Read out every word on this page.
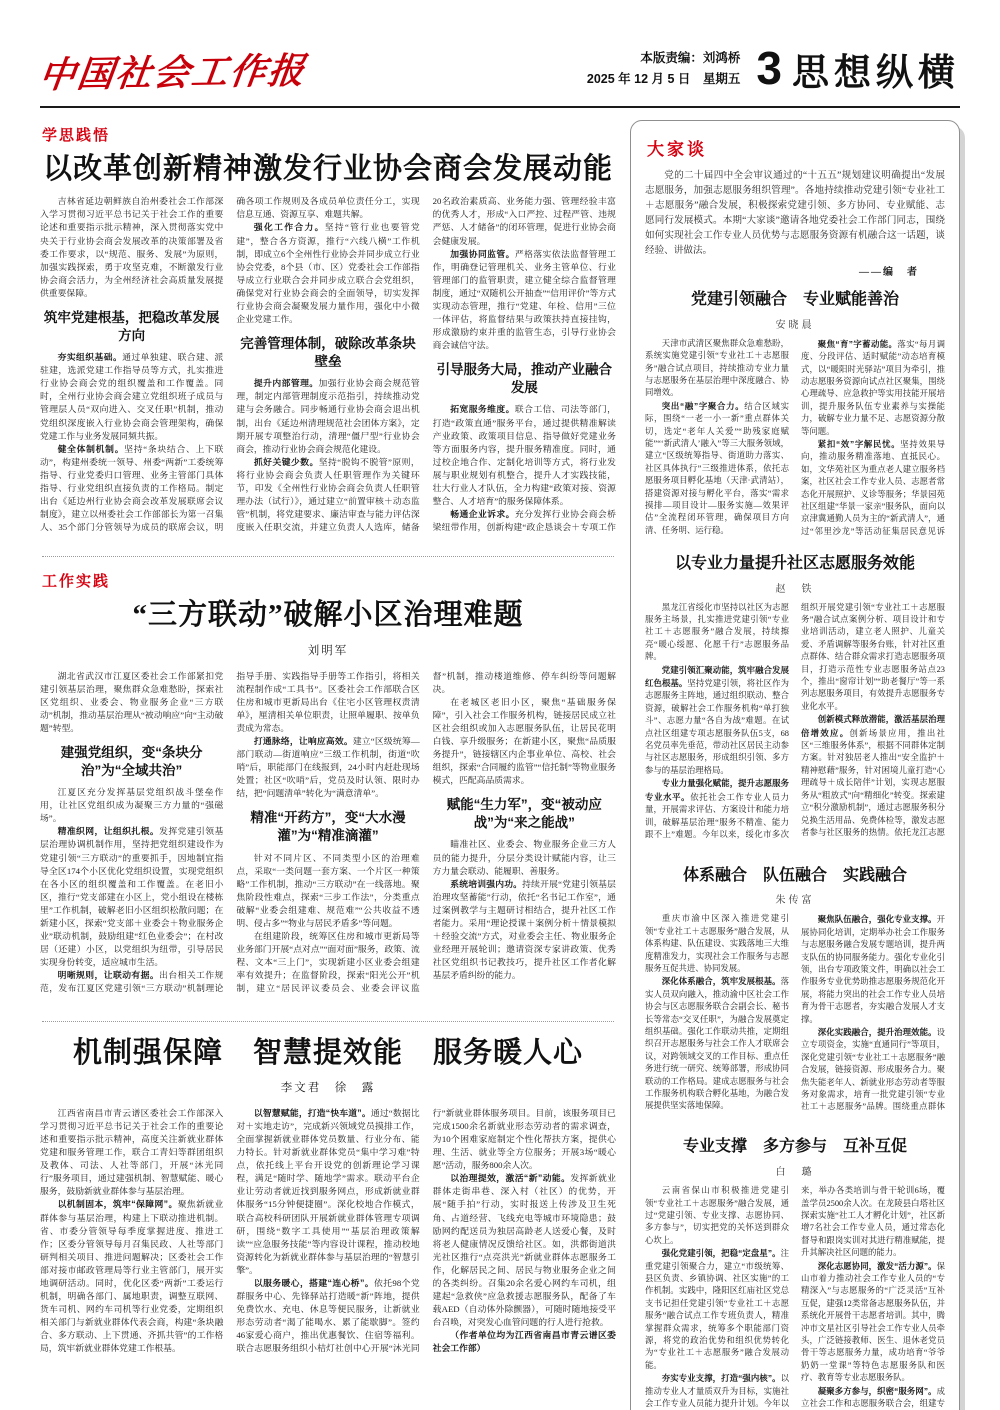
中国社会工作报	本版责编：刘鸿桥
2025 年 12 月 5 日　星期五 3 思想纵横
学思践悟
以改革创新精神激发行业协会商会发展动能

吉林省延边朝鲜族自治州委社会工作部深入学习贯彻习近平总书记关于社会工作的重要论述和重要指示批示精神，深入贯彻落实党中央关于行业协会商会发展改革的决策部署及省委工作要求，以“规范、服务、发展”为原则，加强实践探索，勇于攻坚克难，不断激发行业协会商会活力，为全州经济社会高质量发展提供重要保障。

筑牢党建根基，把稳改革发展方向

夯实组织基础。通过单独建、联合建、派驻建，选派党建工作指导员等方式，扎实推进行业协会商会党的组织覆盖和工作覆盖。同时，全州行业协会商会建立党组织班子成员与管理层人员“双向进入、交叉任职”机制，推动党组织深度嵌入行业协会商会管理架构，确保党建工作与业务发展同频共振。

健全体制机制。坚持“条块结合、上下联动”，构建州委统一领导、州委“两新”工委统筹指导、行业党委归口管理、业务主管部门具体指导、行业党组织直接负责的工作格局。制定出台《延边州行业协会商会改革发展联席会议制度》，建立以州委社会工作部部长为第一召集人、35个部门分管领导为成员的联席会议，明确各项工作规则及各成员单位责任分工，实现信息互通、资源互享、难题共解。

强化工作合力。坚持“管行业也要管党建”，整合各方资源，推行“六线八横”工作机制，即成立6个全州性行业协会并同步成立行业协会党委，8个县（市、区）党委社会工作部指导成立行业联合会并同步成立联合会党组织，确保党对行业协会商会的全面领导，切实发挥行业协会商会凝聚发展力量作用，强化中小微企业党建工作。

完善管理体制，破除改革条块壁垒

提升内部管理。加强行业协会商会规范管理，制定内部管理制度示范指引，持续推动党建与会务融合。同步畅通行业协会商会退出机制，出台《延边州清理规范社会团体方案》，定期开展专项整治行动，清理“僵尸型”行业协会商会，推动行业协会商会规范化建设。

抓好关键少数。坚持“脱钩不脱管”原则，将行业协会商会负责人任职管理作为关键环节，印发《全州性行业协会商会负责人任职管理办法（试行）》，通过建立“前置审核＋动态监管”机制，将党建要求、廉洁审查与能力评估深度嵌入任职交流，并建立负责人人选库，储备20名政治素质高、业务能力强、管理经验丰富的优秀人才，形成“入口严控、过程严管、违规严惩、人才储备”的闭环管理，促进行业协会商会健康发展。

加强协同监管。严格落实依法监督管理工作，明确登记管理机关、业务主管单位、行业管理部门的监管职责，建立健全综合监督管理制度，通过“双随机公开抽查”“信用评价”等方式实现动态管理，推行“党建、年检、信用”三位一体评估，将监督结果与政策扶持直接挂钩，形成激励约束并重的监管生态，引导行业协会商会诚信守法。

引导服务大局，推动产业融合发展

拓宽服务维度。联合工信、司法等部门，打造“政策直通”服务平台，通过提供精准解读产业政策、政策项目信息、指导做好党建业务等方面服务内容，提升服务精准度。同时，通过校企地合作、定制化培训等方式，将行业发展与职业规划有机整合，提升人才实践技能，壮大行业人才队伍，全力构建“政策对接、资源整合、人才培育”的服务保障体系。

畅通企业诉求。充分发挥行业协会商会桥梁纽带作用，创新构建“政企恳谈会＋专项工作

工作实践
“三方联动”破解小区治理难题
刘明军

湖北省武汉市江夏区委社会工作部紧扣党建引领基层治理，聚焦群众急难愁盼，探索社区党组织、业委会、物业服务企业“三方联动”机制，推动基层治理从“被动响应”向“主动破题”转型。

建强党组织，变“条块分治”为“全域共治”

江夏区充分发挥基层党组织战斗堡垒作用，让社区党组织成为凝聚三方力量的“强磁场”。

精准织网，让组织扎根。发挥党建引领基层治理协调机制作用，坚持把党组织建设作为党建引领“三方联动”的重要抓手，因地制宜指导全区174个小区优化党组织设置，实现党组织在各小区的组织覆盖和工作覆盖。在老旧小区，推行“党支部建在小区上，党小组设在楼栋里”工作机制，破解老旧小区组织松散问题；在新建小区，探索“党支部＋业委会＋物业服务企业”联动机制，鼓励组建“红色业委会”；在村改居（还建）小区，以党组织为纽带，引导居民实现身份转变，适应城市生活。

明晰规则，让联动有据。出台相关工作规范，发布江夏区党建引领“三方联动”机制理论指导手册、实践指导手册等工作指引，将相关流程制作成“工具书”。区委社会工作部联合区住房和城市更新局出台《住宅小区管理权责清单》，厘清相关单位职责，让照单履职、按单负责成为常态。

打通脉络，让响应高效。建立“区级统筹—部门联动—街道响应”三级工作机制，街道“吹哨”后，职能部门在线报到，24小时内赶赴现场处置；社区“吹哨”后，党员及时认领、限时办结，把“问题清单”转化为“满意清单”。

精准“开药方”，变“大水漫灌”为“精准滴灌”

针对不同片区、不同类型小区的治理难点，采取“一类问题一套方案、一个片区一种策略”工作机制，推动“三方联动”在一线落地。聚焦阶段性难点，探索“三步工作法”，分类重点破解“业委会组建难、规范难”“公共收益不透明、侵占多”“物业与居民矛盾多”等问题。

在组建阶段，统筹区住房和城市更新局等业务部门开展“点对点”“面对面”服务，政策、流程、文本“三上门”，实现新建小区业委会组建率有效提升；在监督阶段，探索“阳光公开”机制，建立“居民评议委员会、业委会评议监督”机制，推动楼道维修、停车纠纷等问题解决。

在老城区老旧小区，聚焦“基础服务保障”，引入社会工作服务机构，链接居民成立社区社会组织或加入志愿服务队伍，让居民花明白钱、享升级服务；在新建小区，聚焦“品质服务提升”，链接辖区内企事业单位、高校、社会组织，探索“合同履约监管”“信托制”等物业服务模式，匹配高品质需求。

赋能“生力军”，变“被动应战”为“来之能战”

瞄准社区、业委会、物业服务企业三方人员的能力提升，分层分类设计赋能内容，让三方力量会联动、能履职、善服务。

系统培训强内功。持续开展“党建引领基层治理攻坚蓄能”行动，依托“名书记工作室”，通过案例教学与主题研讨相结合，提升社区工作者能力。采用“理论授课＋案例分析＋情景模拟＋经验交流”方式，对业委会主任、物业服务企业经理开展轮训；邀请资深专家讲政策、优秀社区党组织书记教技巧，提升社区工作者化解基层矛盾纠纷的能力。

机制强保障　智慧提效能　服务暖人心
李文君　徐　露

江西省南昌市青云谱区委社会工作部深入学习贯彻习近平总书记关于社会工作的重要论述和重要指示批示精神，高度关注新就业群体党建和服务管理工作，联合工青妇等群团组织及教体、司法、人社等部门，开展“沐光同行”服务项目，通过建强机制、智慧赋能、暖心服务，鼓励新就业群体参与基层治理。

以机制固本，筑牢“保障网”。聚焦新就业群体参与基层治理，构建上下联动推进机制。省、市委分管领导每季度掌握进度、推进工作；区委分管领导每月召集民政、人社等部门研判相关项目、推进问题解决；区委社会工作部对接市邮政管理局等行业主管部门，展开实地调研活动。同时，优化区委“两新”工委运行机制，明确各部门、属地职责，调整互联网、货车司机、网约车司机等行业党委，定期组织相关部门与新就业群体代表会商，构建“条块融合、多方联动、上下贯通、齐抓共管”的工作格局，筑牢新就业群体党建工作根基。

以智慧赋能，打造“快车道”。通过“数据比对＋实地走访”，完成新兴领域党员摸排工作，全面掌握新就业群体党员数量、行业分布、能力特长。针对新就业群体党员“集中学习难”特点，依托线上平台开设党的创新理论学习课程，满足“随时学、随地学”需求。联动平台企业让劳动者就近找到服务网点，形成新就业群体服务“15分钟便捷圈”。深化校地合作模式，联合高校科研团队开展新就业群体管理专项调研，围绕“数字工具使用”“基层治理政策解读”“应急服务技能”等内容设计课程，推动校地资源转化为新就业群体参与基层治理的“智慧引擎”。

以服务暖心，搭建“连心桥”。依托98个党群服务中心、先锋驿站打造暖“新”阵地，提供免费饮水、充电、休息等便民服务，让新就业形态劳动者“渴了能喝水、累了能歇脚”。签约46家爱心商户，推出优惠餐饮、住宿等福利。联合志愿服务组织小桔灯社创中心开展“沐光同行”新就业群体服务项目。目前，该服务项目已完成1500余名新就业形态劳动者的需求调查，为10个困难家庭制定个性化帮扶方案，提供心理、生活、就业等全方位服务；开展3场“暖心愿”活动，服务800余人次。

以治理提效，激活“新”动能。发挥新就业群体走街串巷、深入村（社区）的优势，开展“随手拍”行动，实时报送上传涉及卫生死角、占道经营、飞线充电等城市环境隐患；鼓励网约配送员为独居高龄老人送爱心餐，及时将老人健康情况反馈给社区。如，洪都街道洪光社区推行“点亮洪光”新就业群体志愿服务工作，化解居民之间、居民与物业服务企业之间的各类纠纷。召集20余名爱心网约车司机，组建起“急救侠”应急救援志愿服务队，配备了车载AED（自动体外除颤器），可随时随地接受平台召唤，对突发心血管问题的行人进行抢救。

（作者单位均为江西省南昌市青云谱区委社会工作部）

大家谈

党的二十届四中全会审议通过的“十五五”规划建议明确提出“发展志愿服务，加强志愿服务组织管理”。各地持续推动党建引领“专业社工＋志愿服务”融合发展，积极探索党建引领、多方协同、专业赋能、志愿同行发展模式。本期“大家谈”邀请各地党委社会工作部门同志，围绕如何实现社会工作专业人员优势与志愿服务资源有机融合这一话题，谈经验、讲做法。

——编　者
党建引领融合　专业赋能善治
安晓晨

天津市武清区聚焦群众急难愁盼，系统实施党建引领“专业社工＋志愿服务”融合试点项目，持续推动专业力量与志愿服务在基层治理中深度融合、协同增效。

突出“融”字聚合力。结合区域实际，围绕“一老一小一新”重点群体关切，选定“老年人关爱”“助残家庭赋能”“‘新武清人’融入”等三大服务领域，建立“区级统筹指导、街道助力落实、社区具体执行”三级推进体系，依托志愿服务项目孵化基地（天津·武清站），搭建资源对接与孵化平台，落实“需求摸排—项目设计—服务实施—效果评估”全流程闭环管理，确保项目方向清、任务明、运行稳。

聚焦“育”字蓄动能。落实“每月调度、分段评估、适时赋能”动态培育模式，以“暖阳时光驿站”项目为牵引，推动志愿服务资源向试点社区聚集，围绕心理疏导、应急救护等实用技能开展培训，提升服务队伍专业素养与实操能力，破解专业力量不足、志愿资源分散等问题。

紧扣“效”字解民忧。坚持效果导向，推动服务精准落地、直抵民心。如，文华苑社区为重点老人建立服务档案，社区社会工作专业人员、志愿者常态化开展照护、义诊等服务；华景园苑社区组建“华景一家亲”服务队，面向以京津冀通勤人员为主的“新武清人”，通过“邻里沙龙”等活动征集居民意见诉

以专业力量提升社区志愿服务效能
赵　铁

黑龙江省绥化市坚持以社区为志愿服务主场景，扎实推进党建引领“专业社工＋志愿服务”融合发展，持续擦亮“暖心绥愿、化愿千行”志愿服务品牌。

党建引领汇聚动能，筑牢融合发展红色根基。坚持党建引领，将社区作为志愿服务主阵地，通过组织联动、整合资源，破解社会工作服务机构“单打独斗”、志愿力量“各自为战”难题。在试点社区组建专项志愿服务队伍5支，68名党员率先垂范，带动社区居民主动参与社区志愿服务，形成组织引领、多方参与的基层治理格局。

专业力量强化赋能，提升志愿服务专业水平。依托社会工作专业人员力量，开展需求评估、方案设计和能力培训，破解基层治理“服务不精准、能力跟不上”难题。今年以来，绥化市多次组织开展党建引领“专业社工＋志愿服务”融合试点案例分析、项目设计和专业培训活动，建立老人照护、儿童关爱、矛盾调解等服务台账，针对社区重点群体、结合群众需求打造志愿服务项目，打造示范性专业志愿服务站点23个，推出“窗帘计划”“助老餐厅”等一系列志愿服务项目，有效提升志愿服务专业化水平。

创新模式释放潜能，激活基层治理倍增效应。创新场景应用，推出社区“三维服务体系”，根据不同群体定制方案。针对独居老人推出“安全监护＋精神慰藉”服务，针对困境儿童打造“心理疏导＋成长陪伴”计划，实现志愿服务从“粗放式”向“精细化”转变。探索建立“积分激励机制”，通过志愿服务积分兑换生活用品、免费体检等，激发志愿者参与社区服务的热情。依托龙江志愿

体系融合　队伍融合　实践融合
朱传富

重庆市渝中区深入推进党建引领“专业社工＋志愿服务”融合发展，从体系构建、队伍建设、实践落地三大维度精准发力，实现社会工作服务与志愿服务互促共进、协同发展。

深化体系融合，筑牢发展根基。落实人员双向融入，推动渝中区社会工作协会与区志愿服务联合会副会长、秘书长等常态“交叉任职”，为融合发展奠定组织基础。强化工作联动共推，定期组织召开志愿服务与社会工作人才联席会议，对跨领域交叉的工作目标、重点任务进行统一研究、统筹部署，形成协同联动的工作格局。建成志愿服务与社会工作服务机构联合孵化基地，为融合发展提供坚实落地保障。

聚焦队伍融合，强化专业支撑。开展协同化培训，定期举办社会工作服务与志愿服务融合发展专题培训，提升两支队伍的协同服务能力。强化专业化引领，出台专项政策文件，明确以社会工作服务专业优势助推志愿服务规范化开展，将能力突出的社会工作专业人员培育为骨干志愿者，夯实融合发展人才支撑。

深化实践融合，提升治理效能。设立专项资金，实施“直通同行”等项目，深化党建引领“专业社工＋志愿服务”融合发展，链接资源、形成服务合力。聚焦失能老年人、新就业形态劳动者等服务对象需求，培育一批党建引领“专业社工＋志愿服务”品牌。围绕重点群体

专业支撑　多方参与　互补互促
白　璐

云南省保山市积极推进党建引领“专业社工＋志愿服务”融合发展，通过“党建引领、专业支撑、志愿协同、多方参与”，切实把党的关怀送到群众心坎上。

强化党建引领，把稳“定盘星”。注重党建引领聚合力，建立“市级统筹、县区负责、乡镇协调、社区实施”的工作机制。实践中，隆阳区红庙社区党总支书记担任党建引领“专业社工＋志愿服务”融合试点工作专班负责人，精准掌握群众需求，统筹多个职能部门资源，将党的政治优势和组织优势转化为“专业社工＋志愿服务”融合发展动能。

夯实专业支撑，打造“强内核”。以推动专业人才量质双升为目标，实施社会工作专业人员能力提升计划。今年以来，举办各类培训与骨干轮训6场，覆盖学员2500余人次。在龙陵县白塔社区探索实施“社工人才孵化计划”，社区新增7名社会工作专业人员，通过常态化督导和跟岗实训对其进行精准赋能，提升其解决社区问题的能力。

深化志愿协同，激发“活力源”。保山市着力推动社会工作专业人员的“专精深入”与志愿服务的“广泛灵活”互补互促，建强12类常备志愿服务队伍，并系统化开展骨干志愿者培训。其中，腾冲市文星社区引导社会工作专业人员牵头，广泛链接教师、医生、退休老党员骨干等志愿服务力量，成功培育“爷爷奶奶一堂课”等特色志愿服务队和医疗、教育等专业志愿服务队。

凝聚多方参与，织密“服务网”。成立社会工作和志愿服务联合会，组建专
